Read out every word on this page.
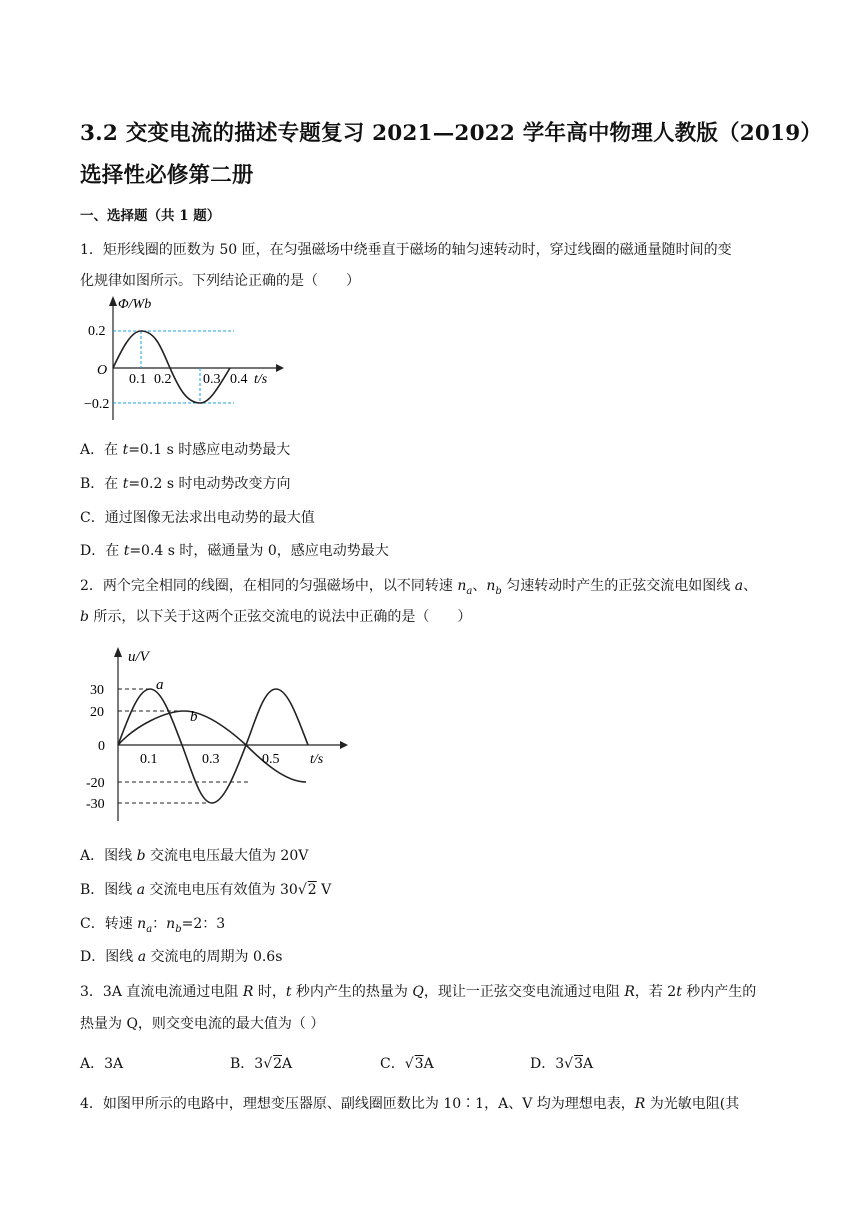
3.2 交变电流的描述专题复习 2021—2022 学年高中物理人教版（2019）
选择性必修第二册
一、选择题（共 1 题）
1．矩形线圈的匝数为 50 匝，在匀强磁场中绕垂直于磁场的轴匀速转动时，穿过线圈的磁通量随时间的变
化规律如图所示。下列结论正确的是（　　）
Φ/Wb
0.2
−0.2
O
0.1 0.2 0.3 0.4 t/s
A．在 t=0.1 s 时感应电动势最大
B．在 t=0.2 s 时电动势改变方向
C．通过图像无法求出电动势的最大值
D．在 t=0.4 s 时，磁通量为 0，感应电动势最大
2．两个完全相同的线圈，在相同的匀强磁场中，以不同转速 $n_a$、$n_b$ 匀速转动时产生的正弦交流电如图线 a、
b 所示，以下关于这两个正弦交流电的说法中正确的是（　　）
u/V
30
20
0
-20
-30
0.1	0.3	0.5 t/s
a
b
A．图线 b 交流电电压最大值为 20V
B．图线 a 交流电电压有效值为 30√2 V
C．转速 $n_a$：$n_b=2$：3
D．图线 a 交流电的周期为 0.6s
3．3A 直流电流通过电阻 R 时，t 秒内产生的热量为 Q，现让一正弦交变电流通过电阻 R，若 2t 秒内产生的
热量为 Q，则交变电流的最大值为（ ）
A．3A	B．3√2A	C．√3A	D．3√3A
4．如图甲所示的电路中，理想变压器原、副线圈匝数比为 10∶1，A、V 均为理想电表，R 为光敏电阻(其
